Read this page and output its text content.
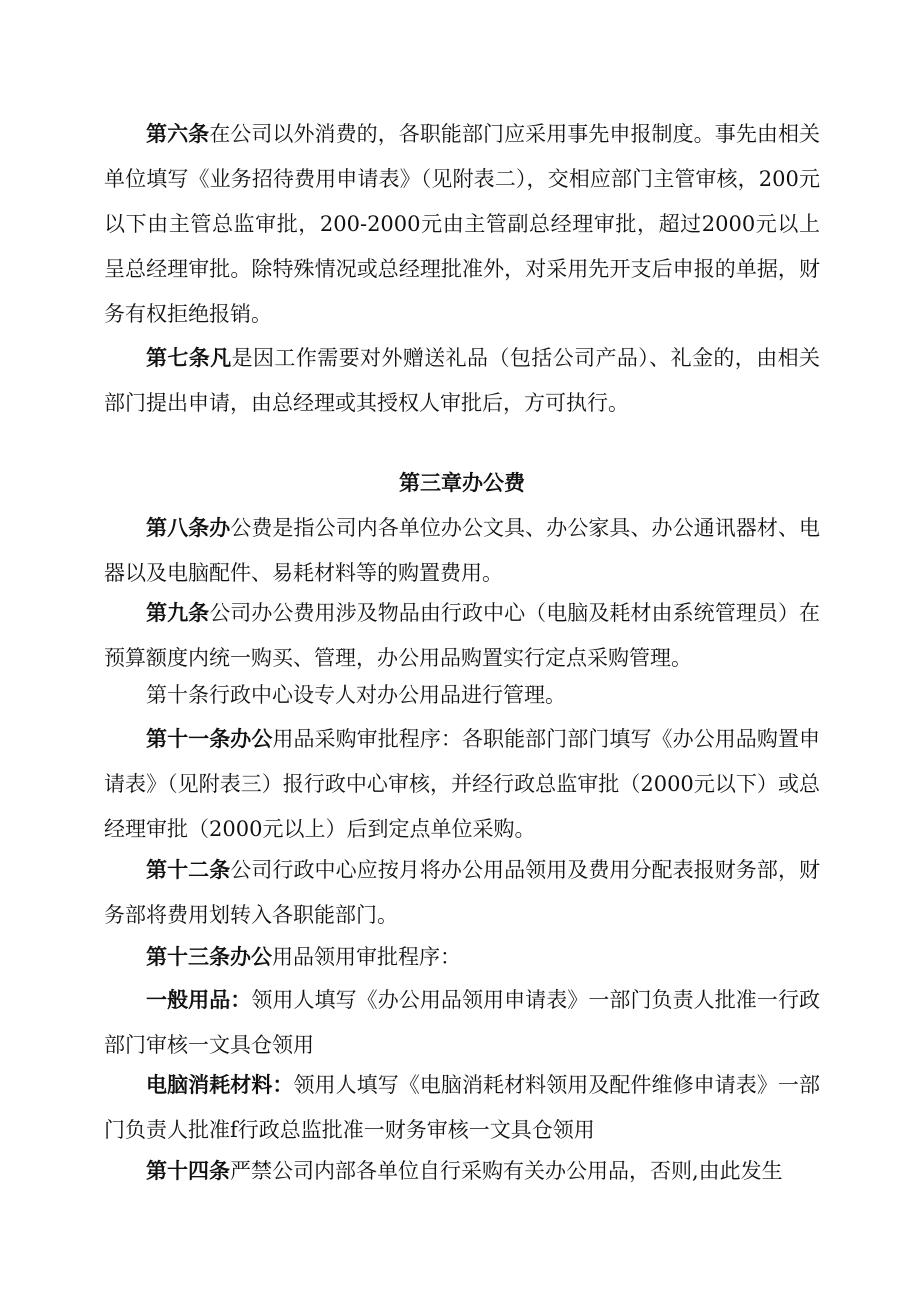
第六条在公司以外消费的，各职能部门应采用事先申报制度。事先由相关单位填写《业务招待费用申请表》（见附表二），交相应部门主管审核，200元以下由主管总监审批，200-2000元由主管副总经理审批，超过2000元以上呈总经理审批。除特殊情况或总经理批准外，对采用先开支后申报的单据，财务有权拒绝报销。

第七条凡是因工作需要对外赠送礼品（包括公司产品）、礼金的，由相关部门提出申请，由总经理或其授权人审批后，方可执行。

第三章办公费

第八条办公费是指公司内各单位办公文具、办公家具、办公通讯器材、电器以及电脑配件、易耗材料等的购置费用。

第九条公司办公费用涉及物品由行政中心（电脑及耗材由系统管理员）在预算额度内统一购买、管理，办公用品购置实行定点采购管理。

第十条行政中心设专人对办公用品进行管理。

第十一条办公用品采购审批程序：各职能部门部门填写《办公用品购置申请表》（见附表三）报行政中心审核，并经行政总监审批（2000元以下）或总经理审批（2000元以上）后到定点单位采购。

第十二条公司行政中心应按月将办公用品领用及费用分配表报财务部，财务部将费用划转入各职能部门。

第十三条办公用品领用审批程序：

一般用品：领用人填写《办公用品领用申请表》一部门负责人批准一行政部门审核一文具仓领用

电脑消耗材料：领用人填写《电脑消耗材料领用及配件维修申请表》一部门负责人批准f行政总监批准一财务审核一文具仓领用

第十四条严禁公司内部各单位自行采购有关办公用品，否则,由此发生
